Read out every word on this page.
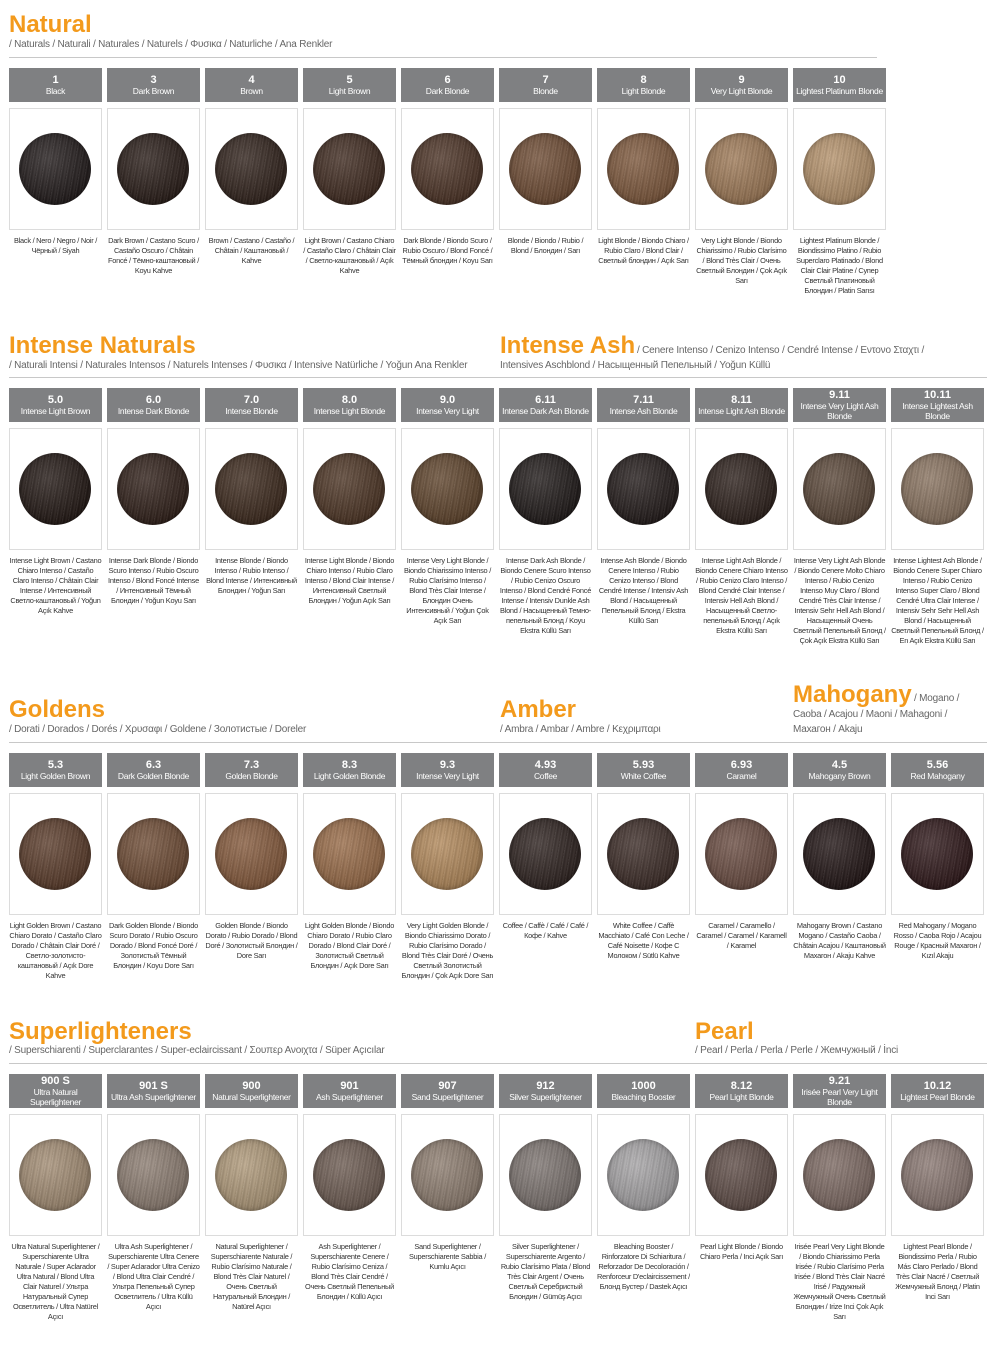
Natural
/ Naturals / Naturali / Naturales / Naturels / Φυσικα / Naturliche / Ana Renkler
Intense Naturals
/ Naturali Intensi / Naturales Intensos / Naturels Intenses / Φυσικα / Intensive Natürliche / Yoğun Ana Renkler
Intense Ash / Cenere Intenso / Cenizo Intenso / Cendré Intense / Εντονο Σταχτι /
Intensives Aschblond / Насыщенный Пепельный / Yoğun Küllü
Goldens
/ Dorati / Dorados / Dorés / Χρυσαφι / Goldene / Золотистые / Doreler
Amber
/ Ambra / Ambar / Ambre / Κεχριμπαρι
Mahogany / Mogano /
Caoba / Acajou / Maoni / Mahagoni /
Махагон / Akaju
Superlighteners
/ Superschiarenti / Superclarantes / Super-eclaircissant / Σουπερ Ανοιχτα / Süper Açıcılar
Pearl
/ Pearl / Perla / Perla / Perle / Жемчужный / İnci
1
Black
Black / Nero / Negro / Noir / Чёрный / Siyah
3
Dark Brown
Dark Brown / Castano Scuro / Castaño Oscuro / Châtain Foncé / Тёмно-каштановый / Koyu Kahve
4
Brown
Brown / Castano / Castaño / Châtain / Каштановый / Kahve
5
Light Brown
Light Brown / Castano Chiaro / Castaño Claro / Châtain Clair / Светло-каштановый / Açık Kahve
6
Dark Blonde
Dark Blonde / Biondo Scuro / Rubio Oscuro / Blond Foncé / Тёмный блондин / Koyu Sarı
7
Blonde
Blonde / Biondo / Rubio / Blond / Блондин / Sarı
8
Light Blonde
Light Blonde / Biondo Chiaro / Rubio Claro / Blond Clair / Светлый блондин / Açık Sarı
9
Very Light Blonde
Very Light Blonde / Biondo Chiarissimo / Rubio Clarísimo / Blond Très Clair / Очень Светлый Блондин / Çok Açık Sarı
10
Lightest Platinum Blonde
Lightest Platinum Blonde / Biondissimo Platino / Rubio Superclaro Platinado / Blond Clair Clair Platine / Супер Светлый Платиновый Блондин / Platin Sarısı
5.0
Intense Light Brown
Intense Light Brown / Castano Chiaro Intenso / Castaño Claro Intenso / Châtain Clair Intense / Интенсивный Светло-каштановый / Yoğun Açık Kahve
6.0
Intense Dark Blonde
Intense Dark Blonde / Biondo Scuro Intenso / Rubio Oscuro Intenso / Blond Foncé Intense / Интенсивный Тёмный Блондин / Yoğun Koyu Sarı
7.0
Intense Blonde
Intense Blonde / Biondo Intenso / Rubio Intenso / Blond Intense / Интенсивный Блондин / Yoğun Sarı
8.0
Intense Light Blonde
Intense Light Blonde / Biondo Chiaro Intenso / Rubio Claro Intenso / Blond Clair Intense / Интенсивный Светлый Блондин / Yoğun Açık Sarı
9.0
Intense Very Light
Intense Very Light Blonde / Biondo Chiarissimo Intenso / Rubio Clarísimo Intenso / Blond Très Clair Intense / Блондин Очень Интенсивный / Yoğun Çok Açık Sarı
6.11
Intense Dark Ash Blonde
Intense Dark Ash Blonde / Biondo Cenere Scuro Intenso / Rubio Cenizo Oscuro Intenso / Blond Cendré Foncé Intense / Intensiv Dunkle Ash Blond / Насыщенный Темно-пепельный Блонд / Koyu Ekstra Küllü Sarı
7.11
Intense Ash Blonde
Intense Ash Blonde / Biondo Cenere Intenso / Rubio Cenizo Intenso / Blond Cendré Intense / Intensiv Ash Blond / Насыщенный Пепельный Блонд / Ekstra Küllü Sarı
8.11
Intense Light Ash Blonde
Intense Light Ash Blonde / Biondo Cenere Chiaro Intenso / Rubio Cenizo Claro Intenso / Blond Cendré Clair Intense / Intensiv Hell Ash Blond / Насыщенный Светло-пепельный Блонд / Açık Ekstra Küllü Sarı
9.11
Intense Very Light Ash Blonde
Intense Very Light Ash Blonde / Biondo Cenere Molto Chiaro Intenso / Rubio Cenizo Intenso Muy Claro / Blond Cendré Très Clair Intense / Intensiv Sehr Hell Ash Blond / Насыщенный Очень Светлый Пепельный Блонд / Çok Açık Ekstra Küllü Sarı
10.11
Intense Lightest Ash Blonde
Intense Lightest Ash Blonde / Biondo Cenere Super Chiaro Intenso / Rubio Cenizo Intenso Super Claro / Blond Cendré Ultra Clair Intense / Intensiv Sehr Sehr Hell Ash Blond / Насыщенный Светлый Пепельный Блонд / En Açık Ekstra Küllü Sarı
5.3
Light Golden Brown
Light Golden Brown / Castano Chiaro Dorato / Castaño Claro Dorado / Châtain Clair Doré / Светло-золотисто-каштановый / Açık Dore Kahve
6.3
Dark Golden Blonde
Dark Golden Blonde / Biondo Scuro Dorato / Rubio Oscuro Dorado / Blond Foncé Doré / Золотистый Тёмный Блондин / Koyu Dore Sarı
7.3
Golden Blonde
Golden Blonde / Biondo Dorato / Rubio Dorado / Blond Doré / Золотистый Блондин / Dore Sarı
8.3
Light Golden Blonde
Light Golden Blonde / Biondo Chiaro Dorato / Rubio Claro Dorado / Blond Clair Doré / Золотистый Светлый Блондин / Açık Dore Sarı
9.3
Intense Very Light
Very Light Golden Blonde / Biondo Chiarissimo Dorato / Rubio Clarísimo Dorado / Blond Très Clair Doré / Очень Светлый Золотистый Блондин / Çok Açık Dore Sarı
4.93
Coffee
Coffee / Caffè / Café / Café / Кофе / Kahve
5.93
White Coffee
White Coffee / Caffè Macchiato / Café Con Leche / Café Noisette / Кофе С Молоком / Sütlü Kahve
6.93
Caramel
Caramel / Caramello / Caramel / Caramel / Karamell / Karamel
4.5
Mahogany Brown
Mahogany Brown / Castano Mogano / Castaño Caoba / Châtain Acajou / Каштановый Махагон / Akaju Kahve
5.56
Red Mahogany
Red Mahogany / Mogano Rosso / Caoba Rojo / Acajou Rouge / Красный Махагон / Kızıl Akaju
900 S
Ultra Natural Superlightener
Ultra Natural Superlightener / Superschiarente Ultra Naturale / Super Aclarador Ultra Natural / Blond Ultra Clair Naturel / Ультра Натуральный Супер Осветлитель / Ultra Natürel Açıcı
901 S
Ultra Ash Superlightener
Ultra Ash Superlightener / Superschiarente Ultra Cenere / Super Aclarador Ultra Cenizo / Blond Ultra Clair Cendré / Ультра Пепельный Супер Осветлитель / Ultra Küllü Açıcı
900
Natural Superlightener
Natural Superlightener / Superschiarente Naturale / Rubio Clarísimo Naturale / Blond Très Clair Naturel / Очень Светлый Натуральный Блондин / Natürel Açıcı
901
Ash Superlightener
Ash Superlightener / Superschiarente Cenere / Rubio Clarísimo Ceniza / Blond Très Clair Cendré / Очень Светлый Пепельный Блондин / Küllü Açıcı
907
Sand Superlightener
Sand Superlightener / Superschiarente Sabbia / Kumlu Açıcı
912
Silver Superlightener
Silver Superlightener / Superschiarente Argento / Rubio Clarísimo Plata / Blond Très Clair Argent / Очень Светлый Серебристый Блондин / Gümüş Açıcı
1000
Bleaching Booster
Bleaching Booster / Rinforzatore Di Schiaritura / Reforzador De Decoloración / Renforceur D'eclaircissement / Блонд Бустер / Dastek Açıcı
8.12
Pearl Light Blonde
Pearl Light Blonde / Biondo Chiaro Perla / Inci Açık Sarı
9.21
Irisée Pearl Very Light Blonde
Irisée Pearl Very Light Blonde / Biondo Chiarissimo Perla Irisée / Rubio Clarísimo Perla Irisée / Blond Très Clair Nacré Irisé / Радужный Жемчужный Очень Светлый Блондин / Irize Inci Çok Açık Sarı
10.12
Lightest Pearl Blonde
Lightest Pearl Blonde / Biondissimo Perla / Rubio Más Claro Perlado / Blond Très Clair Nacré / Светлый Жемчужный Блонд / Platin Inci Sarı
